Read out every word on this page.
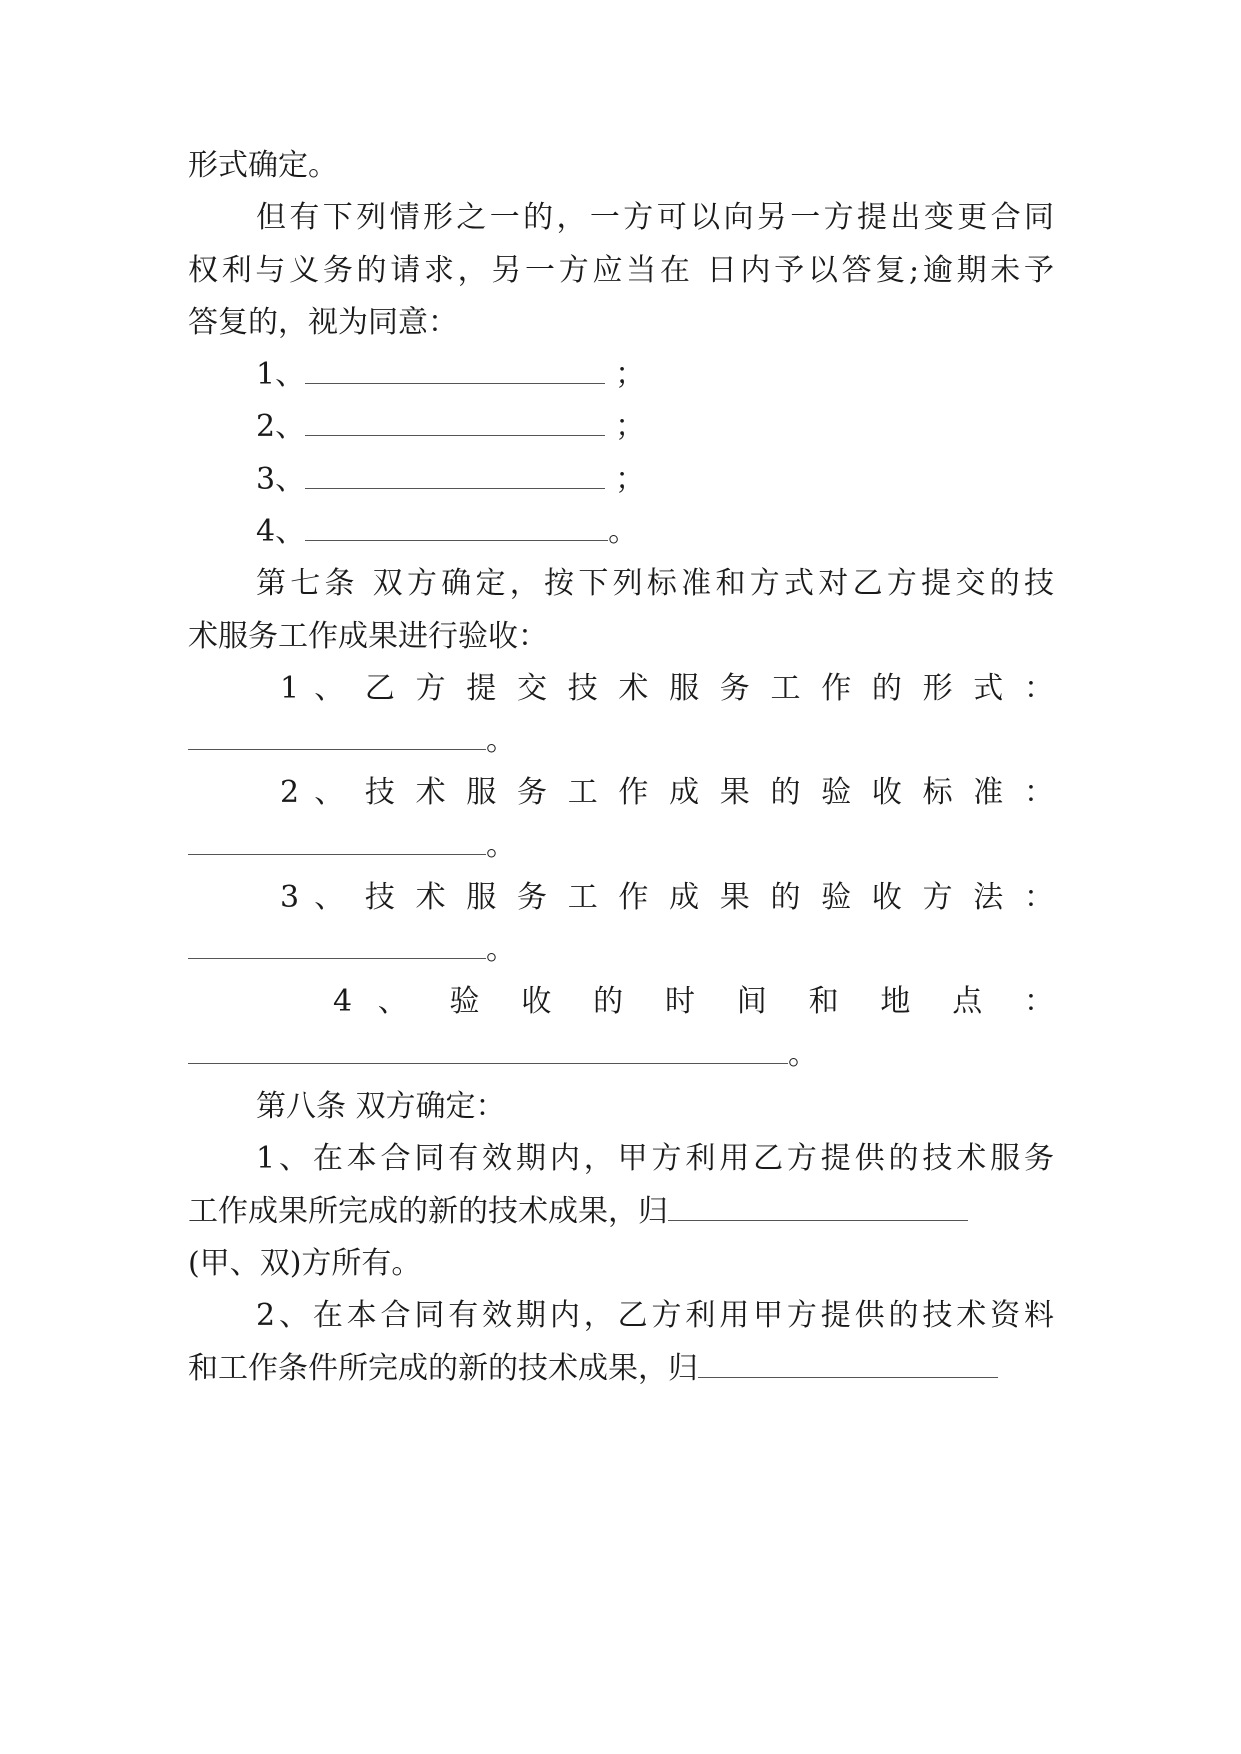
形式确定。
但有下列情形之一的，一方可以向另一方提出变更合同
权利与义务的请求，另一方应当在 日内予以答复;逾期未予
答复的，视为同意：
1、	；
2、	；
3、	；
4、	。
第七条 双方确定，按下列标准和方式对乙方提交的技
术服务工作成果进行验收：
1 、 乙 方 提 交 技 术 服 务 工 作 的 形 式 ：
。
2 、 技 术 服 务 工 作 成 果 的 验 收 标 准 ：
。
3 、 技 术 服 务 工 作 成 果 的 验 收 方 法 ：
。
4 、 验 收 的 时 间 和 地 点 ：
。
第八条 双方确定：
1、在本合同有效期内，甲方利用乙方提供的技术服务
工作成果所完成的新的技术成果，归
(甲、双)方所有。
2、在本合同有效期内，乙方利用甲方提供的技术资料
和工作条件所完成的新的技术成果，归
